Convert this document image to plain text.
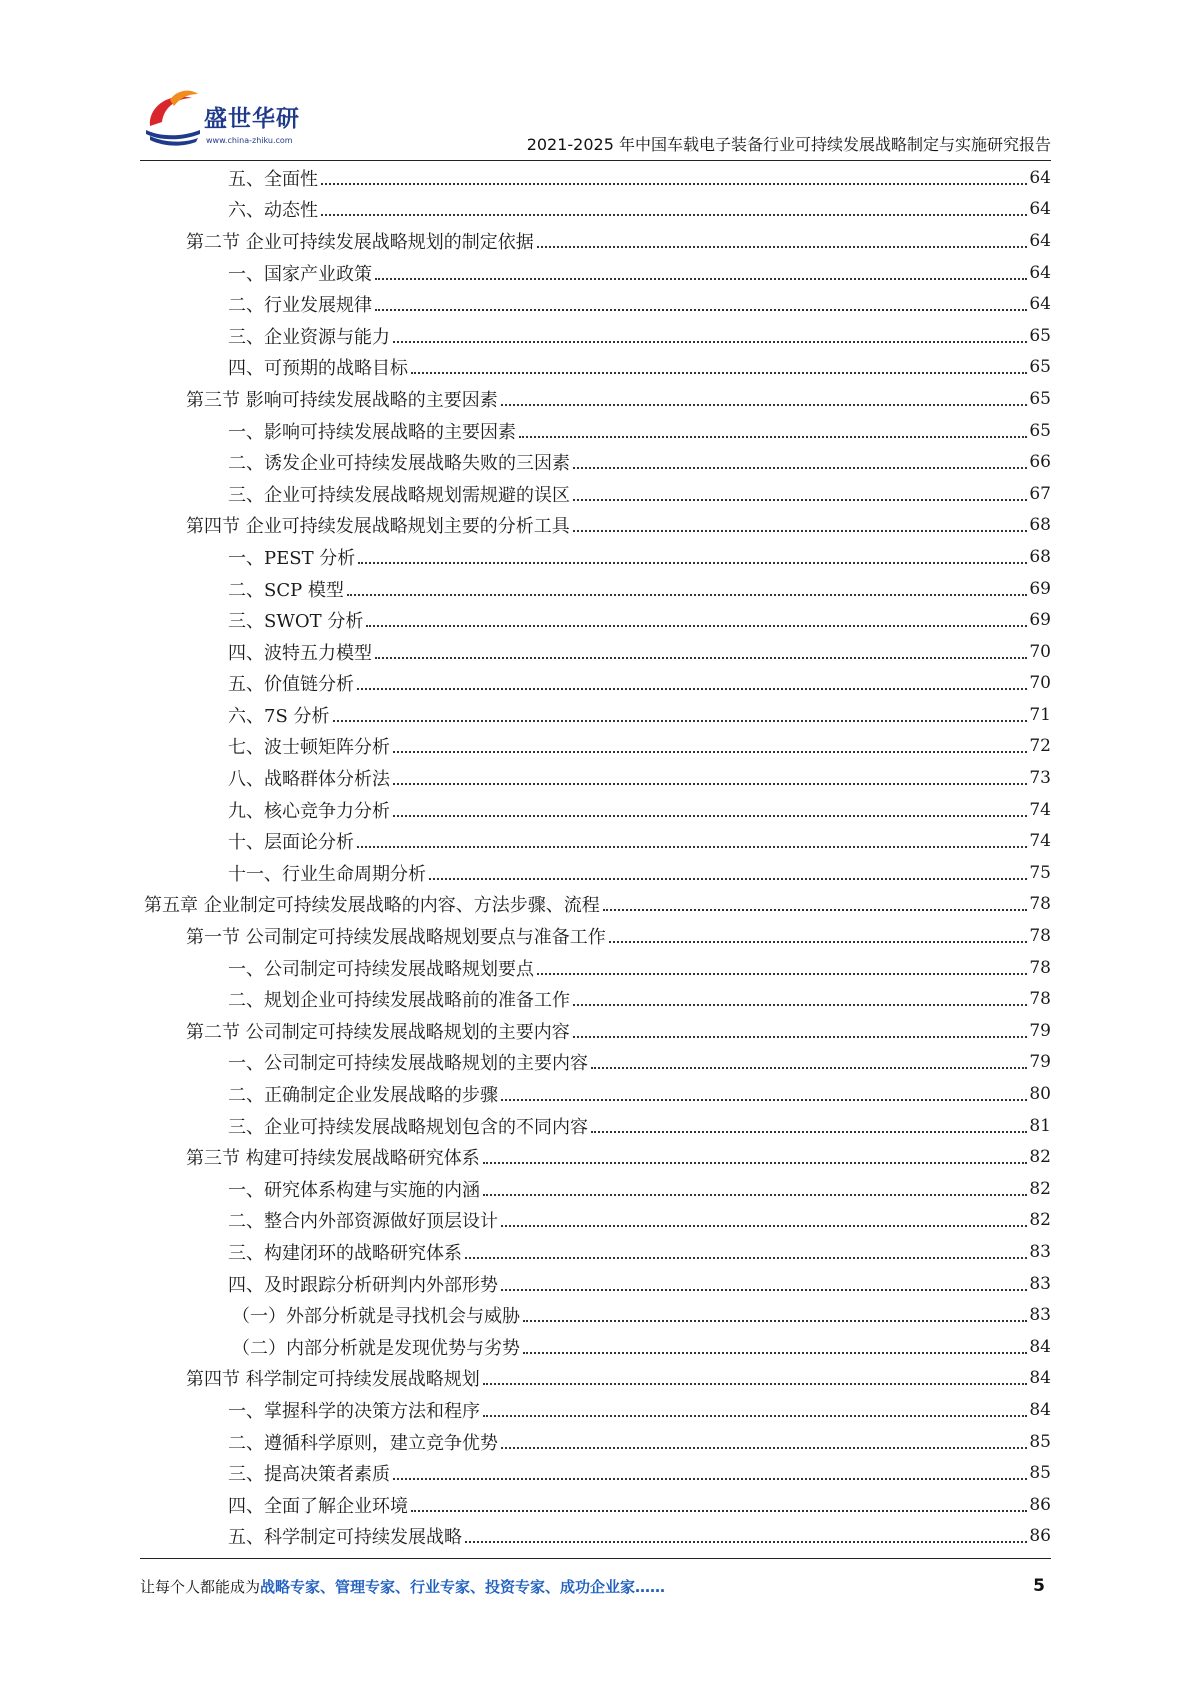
盛世华研
www.china-zhiku.com	2021-2025 年中国车载电子装备行业可持续发展战略制定与实施研究报告
五、全面性	64
六、动态性	64
第二节 企业可持续发展战略规划的制定依据	64
一、国家产业政策	64
二、行业发展规律	64
三、企业资源与能力	65
四、可预期的战略目标	65
第三节 影响可持续发展战略的主要因素	65
一、影响可持续发展战略的主要因素	65
二、诱发企业可持续发展战略失败的三因素	66
三、企业可持续发展战略规划需规避的误区	67
第四节 企业可持续发展战略规划主要的分析工具	68
一、PEST 分析	68
二、SCP 模型	69
三、SWOT 分析	69
四、波特五力模型	70
五、价值链分析	70
六、7S 分析	71
七、波士顿矩阵分析	72
八、战略群体分析法	73
九、核心竞争力分析	74
十、层面论分析	74
十一、行业生命周期分析	75
第五章 企业制定可持续发展战略的内容、方法步骤、流程	78
第一节 公司制定可持续发展战略规划要点与准备工作	78
一、公司制定可持续发展战略规划要点	78
二、规划企业可持续发展战略前的准备工作	78
第二节 公司制定可持续发展战略规划的主要内容	79
一、公司制定可持续发展战略规划的主要内容	79
二、正确制定企业发展战略的步骤	80
三、企业可持续发展战略规划包含的不同内容	81
第三节 构建可持续发展战略研究体系	82
一、研究体系构建与实施的内涵	82
二、整合内外部资源做好顶层设计	82
三、构建闭环的战略研究体系	83
四、及时跟踪分析研判内外部形势	83
（一）外部分析就是寻找机会与威胁	83
（二）内部分析就是发现优势与劣势	84
第四节 科学制定可持续发展战略规划	84
一、掌握科学的决策方法和程序	84
二、遵循科学原则，建立竞争优势	85
三、提高决策者素质	85
四、全面了解企业环境	86
五、科学制定可持续发展战略	86
让每个人都能成为战略专家、管理专家、行业专家、投资专家、成功企业家……	5
